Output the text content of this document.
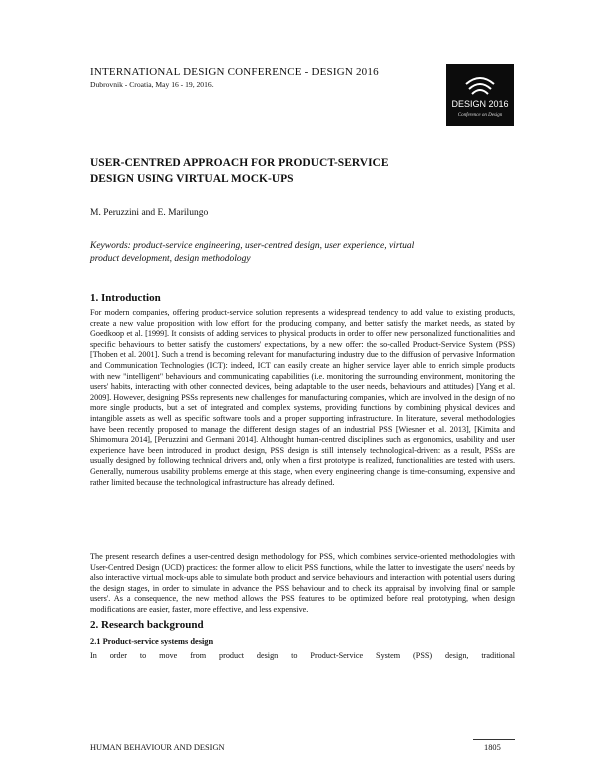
INTERNATIONAL DESIGN CONFERENCE - DESIGN 2016
Dubrovnik - Croatia, May 16 - 19, 2016.
DESIGN 2016
Conference on Design
USER-CENTRED APPROACH FOR PRODUCT-SERVICE DESIGN USING VIRTUAL MOCK-UPS
M. Peruzzini and E. Marilungo
Keywords: product-service engineering, user-centred design, user experience, virtual product development, design methodology
1. Introduction

For modern companies, offering product-service solution represents a widespread tendency to add value to existing products, create a new value proposition with low effort for the producing company, and better satisfy the market needs, as stated by Goedkoop et al. [1999]. It consists of adding services to physical products in order to offer new personalized functionalities and specific behaviours to better satisfy the customers' expectations, by a new offer: the so-called Product-Service System (PSS) [Thoben et al. 2001]. Such a trend is becoming relevant for manufacturing industry due to the diffusion of pervasive Information and Communication Technologies (ICT): indeed, ICT can easily create an higher service layer able to enrich simple products with new "intelligent" behaviours and communicating capabilities (i.e. monitoring the surrounding environment, monitoring the users' habits, interacting with other connected devices, being adaptable to the user needs, behaviours and attitudes) [Yang et al. 2009]. However, designing PSSs represents new challenges for manufacturing companies, which are involved in the design of no more single products, but a set of integrated and complex systems, providing functions by combining physical devices and intangible assets as well as specific software tools and a proper supporting infrastructure. In literature, several methodologies have been recently proposed to manage the different design stages of an industrial PSS [Wiesner et al. 2013], [Kimita and Shimomura 2014], [Peruzzini and Germani 2014]. Althought human-centred disciplines such as ergonomics, usability and user experience have been introduced in product design, PSS design is still intensely technological-driven: as a result, PSSs are usually designed by following technical drivers and, only when a first prototype is realized, functionalities are tested with users. Generally, numerous usability problems emerge at this stage, when every engineering change is time-consuming, expensive and rather limited because the technological infrastructure has already defined.

The present research defines a user-centred design methodology for PSS, which combines service-oriented methodologies with User-Centred Design (UCD) practices: the former allow to elicit PSS functions, while the latter to investigate the users' needs by also interactive virtual mock-ups able to simulate both product and service behaviours and interaction with potential users during the design stages, in order to simulate in advance the PSS behaviour and to check its appraisal by involving final or sample users'. As a consequence, the new method allows the PSS features to be optimized before real prototyping, when design modifications are easier, faster, more effective, and less expensive.

2. Research background
2.1 Product-service systems design

In order to move from product design to Product-Service System (PSS) design, traditional

HUMAN BEHAVIOUR AND DESIGN	1805
